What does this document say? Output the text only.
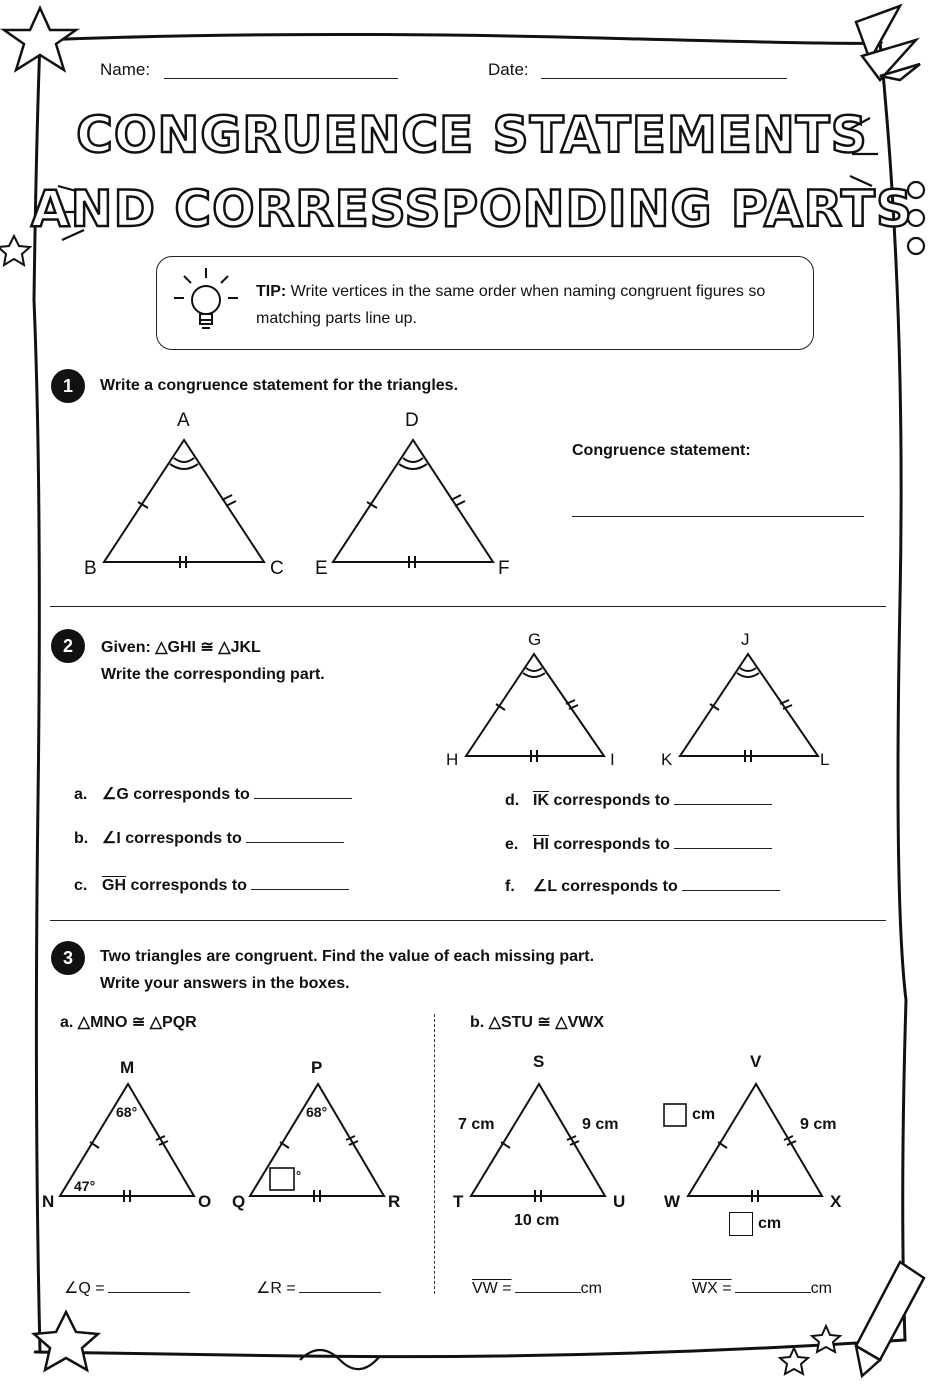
Name:	Date:
CONGRUENCE STATEMENTS
AND CORRESSPONDING PARTS
TIP: Write vertices in the same order when naming congruent figures so matching parts line up.
1	Write a congruence statement for the triangles.
A
B	C
D
E	F
Congruence statement:
2	Given: △GHI ≅ △JKL
Write the corresponding part.
G
H	I
J
K	L
a. ∠G corresponds to
b. ∠I corresponds to
c. $\overline{GH}$ corresponds to
d. $\overline{IK}$ corresponds to
e. $\overline{HI}$ corresponds to
f. ∠L corresponds to
3	Two triangles are congruent. Find the value of each missing part.
Write your answers in the boxes.
a. △MNO ≅ △PQR	b. △STU ≅ △VWX
M
N	O
68°
47°
P
Q	R
68°
°
S
T	U
7 cm	9 cm
10 cm
V
W	X
9 cm
cm
cm
∠Q =	∠R =	VW =	cm	WX =	cm
